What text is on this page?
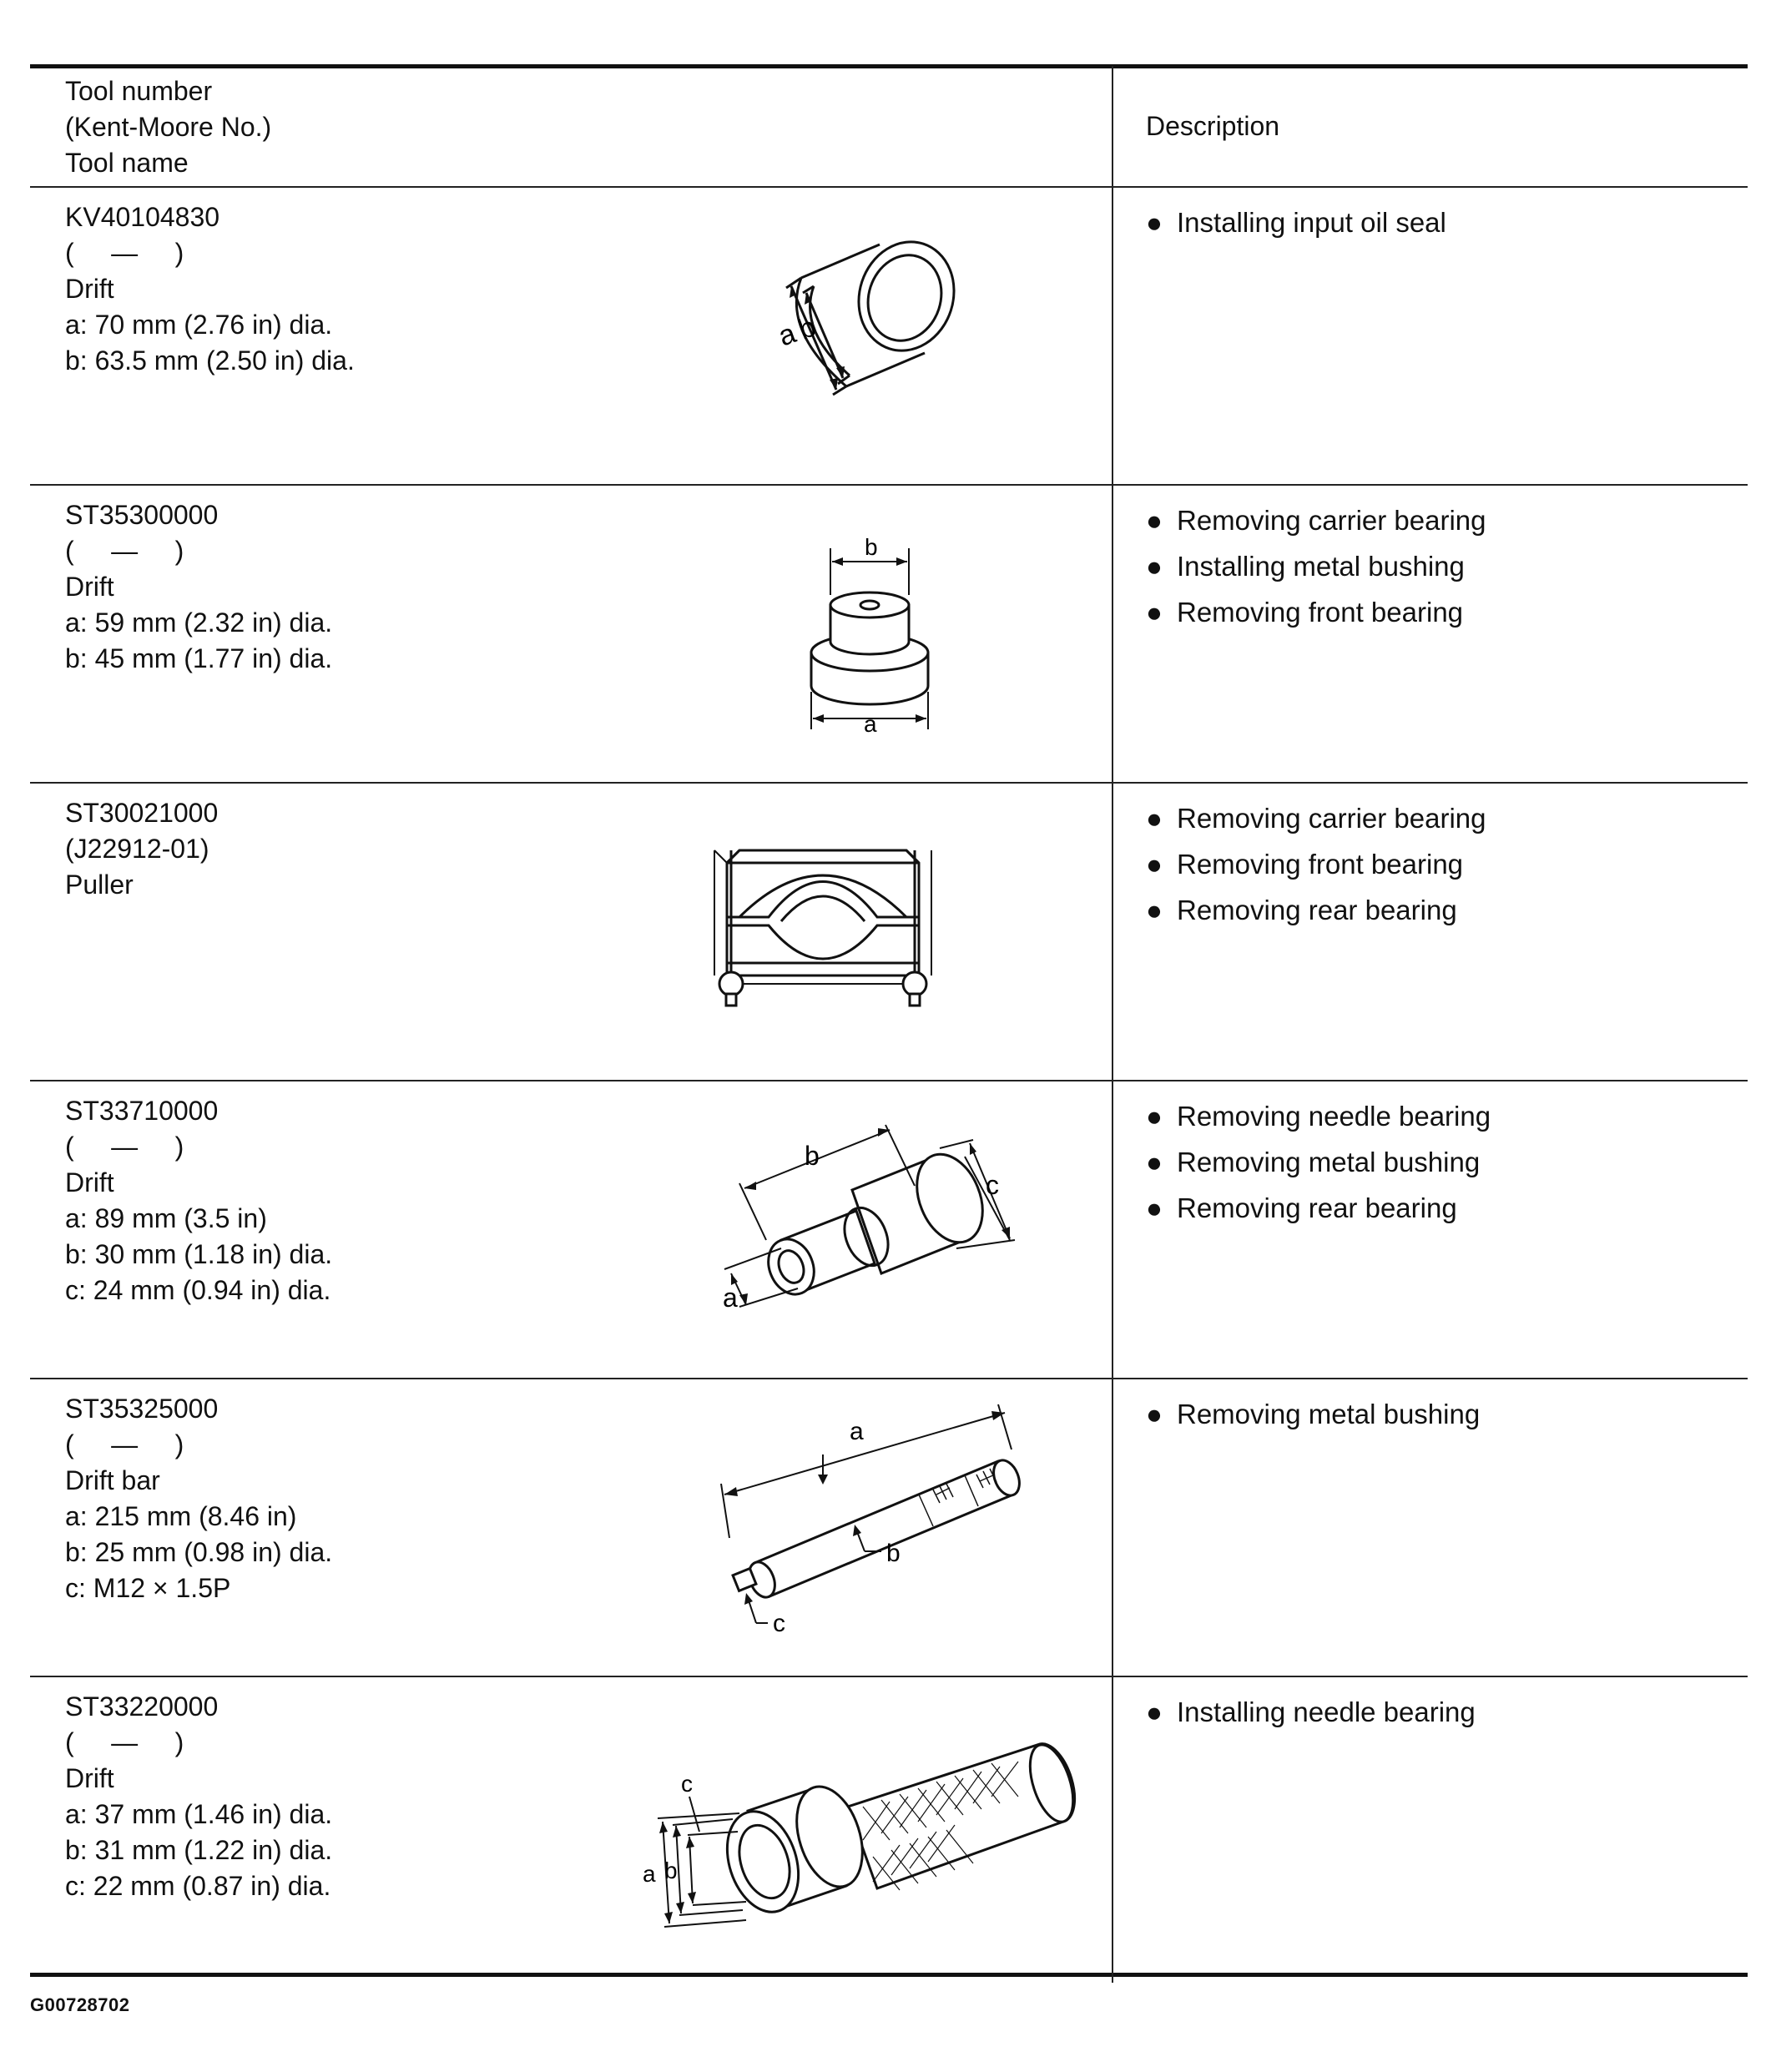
Tool number
(Kent-Moore No.)
Tool name
Description
KV40104830
(     —     )
Drift
a: 70 mm (2.76 in) dia.
b: 63.5 mm (2.50 in) dia.
a
b
● Installing input oil seal
ST35300000
(     —     )
Drift
a: 59 mm (2.32 in) dia.
b: 45 mm (1.77 in) dia.
b
a
● Removing carrier bearing
● Installing metal bushing
● Removing front bearing
ST30021000
(J22912-01)
Puller
● Removing carrier bearing
● Removing front bearing
● Removing rear bearing
ST33710000
(     —     )
Drift
a: 89 mm (3.5 in)
b: 30 mm (1.18 in) dia.
c: 24 mm (0.94 in) dia.
b
c
a
● Removing needle bearing
● Removing metal bushing
● Removing rear bearing
ST35325000
(     —     )
Drift bar
a: 215 mm (8.46 in)
b: 25 mm (0.98 in) dia.
c: M12 × 1.5P
a
b
c
● Removing metal bushing
ST33220000
(     —     )
Drift
a: 37 mm (1.46 in) dia.
b: 31 mm (1.22 in) dia.
c: 22 mm (0.87 in) dia.
c
a b
● Installing needle bearing
G00728702
